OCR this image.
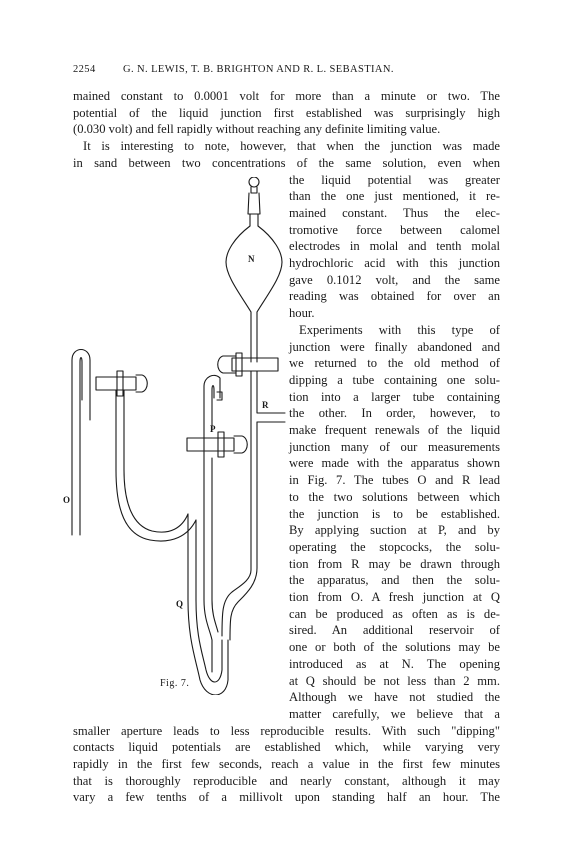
2254	G. N. LEWIS, T. B. BRIGHTON AND R. L. SEBASTIAN.
mained constant to 0.0001 volt for more than a minute or two. The
potential of the liquid junction first established was surprisingly high
(0.030 volt) and fell rapidly without reaching any definite limiting value.
It is interesting to note, however, that when the junction was made
in sand between two concentrations of the same solution, even when
the liquid potential was greater
than the one just mentioned, it re-
mained constant. Thus the elec-
tromotive force between calomel
electrodes in molal and tenth molal
hydrochloric acid with this junction
gave 0.1012 volt, and the same
reading was obtained for over an
hour.
Experiments with this type of
junction were finally abandoned and
we returned to the old method of
dipping a tube containing one solu-
tion into a larger tube containing
the other. In order, however, to
make frequent renewals of the liquid
junction many of our measurements
were made with the apparatus shown
in Fig. 7. The tubes O and R lead
to the two solutions between which
the junction is to be established.
By applying suction at P, and by
operating the stopcocks, the solu-
tion from R may be drawn through
the apparatus, and then the solu-
tion from O. A fresh junction at Q
can be produced as often as is de-
sired. An additional reservoir of
one or both of the solutions may be
introduced as at N. The opening
at Q should be not less than 2 mm.
Although we have not studied the
matter carefully, we believe that a
smaller aperture leads to less reproducible results. With such "dipping"
contacts liquid potentials are established which, while varying very
rapidly in the first few seconds, reach a value in the first few minutes
that is thoroughly reproducible and nearly constant, although it may
vary a few tenths of a millivolt upon standing half an hour. The
N
P
R
O
Q
Fig. 7.
